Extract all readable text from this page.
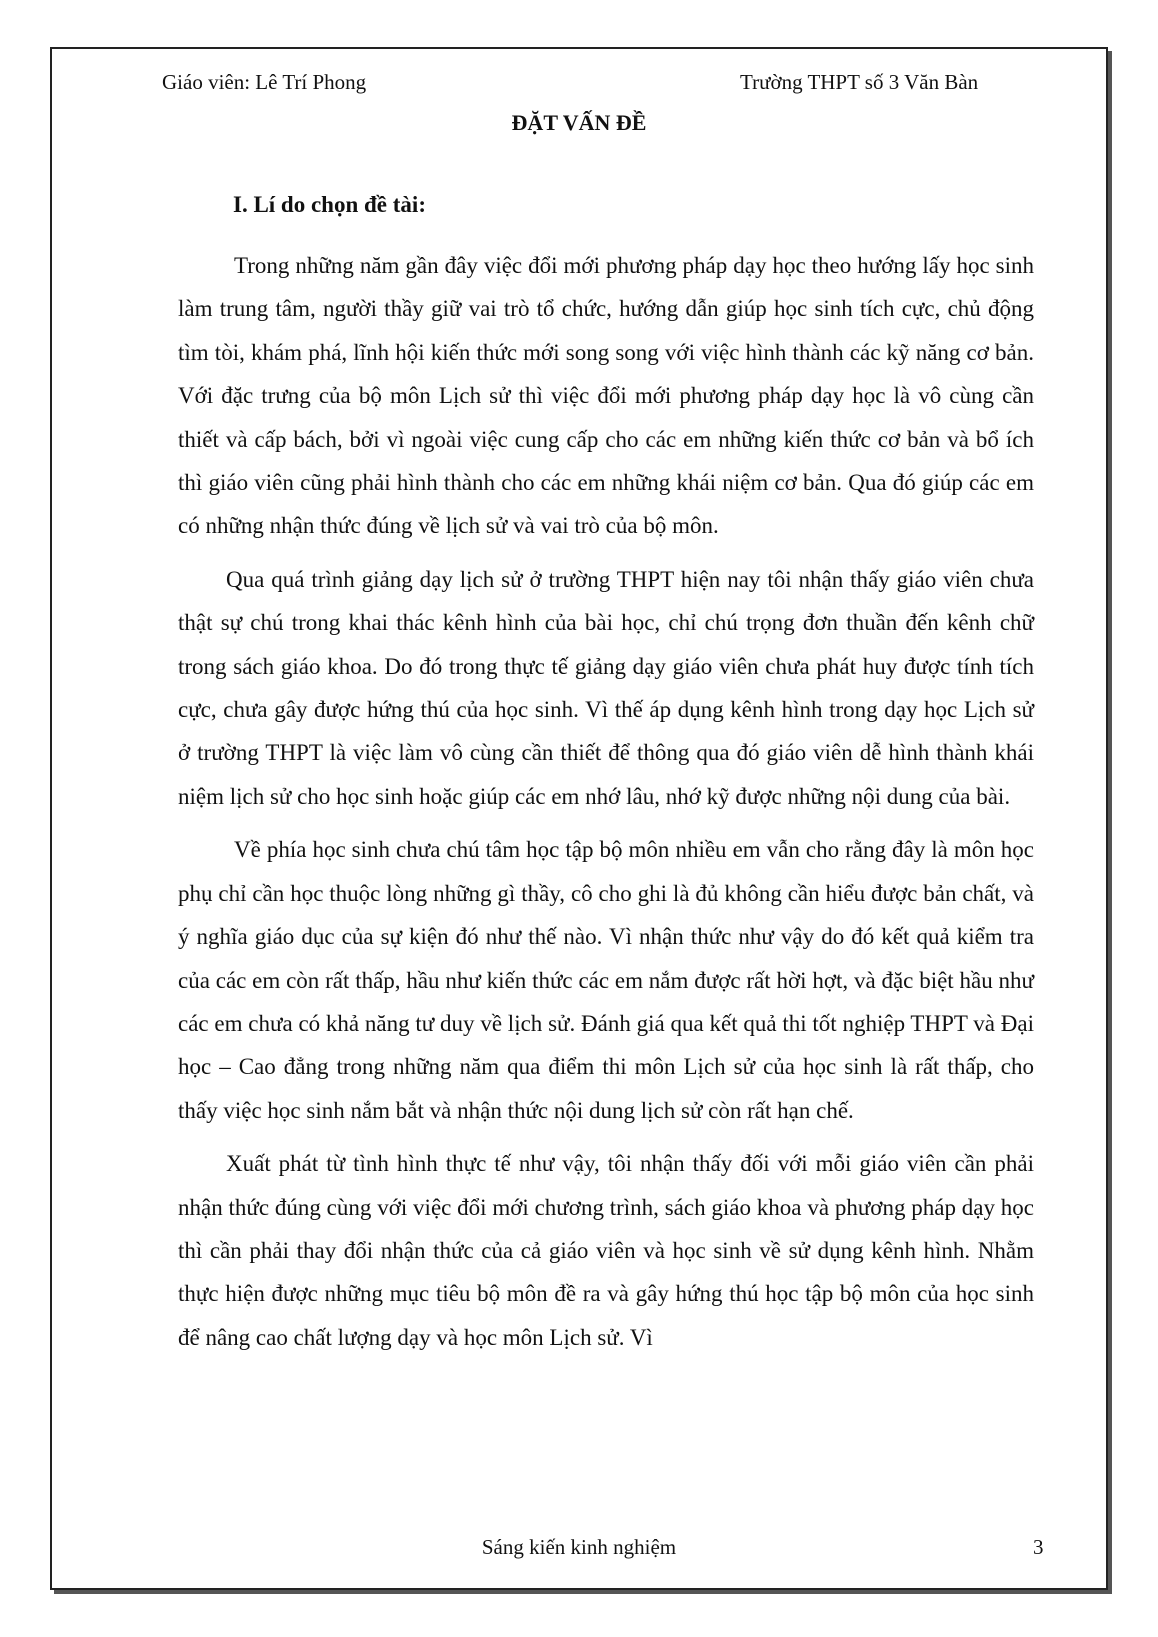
Giáo viên: Lê Trí Phong	Trường THPT số 3 Văn Bàn
ĐẶT VẤN ĐỀ
I. Lí do chọn đề tài:

Trong những năm gần đây việc đổi mới phương pháp dạy học theo hướng lấy học sinh làm trung tâm, người thầy giữ vai trò tổ chức, hướng dẫn giúp học sinh tích cực, chủ động tìm tòi, khám phá, lĩnh hội kiến thức mới song song với việc hình thành các kỹ năng cơ bản. Với đặc trưng của bộ môn Lịch sử thì việc đổi mới phương pháp dạy học là vô cùng cần thiết và cấp bách, bởi vì ngoài việc cung cấp cho các em những kiến thức cơ bản và bổ ích thì giáo viên cũng phải hình thành cho các em những khái niệm cơ bản. Qua đó giúp các em có những nhận thức đúng về lịch sử và vai trò của bộ môn.

Qua quá trình giảng dạy lịch sử ở trường THPT hiện nay tôi nhận thấy giáo viên chưa thật sự chú trong khai thác kênh hình của bài học, chỉ chú trọng đơn thuần đến kênh chữ trong sách giáo khoa. Do đó trong thực tế giảng dạy giáo viên chưa phát huy được tính tích cực, chưa gây được hứng thú của học sinh. Vì thế áp dụng kênh hình trong dạy học Lịch sử ở trường THPT là việc làm vô cùng cần thiết để thông qua đó giáo viên dễ hình thành khái niệm lịch sử cho học sinh hoặc giúp các em nhớ lâu, nhớ kỹ được những nội dung của bài.

Về phía học sinh chưa chú tâm học tập bộ môn nhiều em vẫn cho rằng đây là môn học phụ chỉ cần học thuộc lòng những gì thầy, cô cho ghi là đủ không cần hiểu được bản chất, và ý nghĩa giáo dục của sự kiện đó như thế nào. Vì nhận thức như vậy do đó kết quả kiểm tra của các em còn rất thấp, hầu như kiến thức các em nắm được rất hời hợt, và đặc biệt hầu như các em chưa có khả năng tư duy về lịch sử. Đánh giá qua kết quả thi tốt nghiệp THPT và Đại học – Cao đẳng trong những năm qua điểm thi môn Lịch sử của học sinh là rất thấp, cho thấy việc học sinh nắm bắt và nhận thức nội dung lịch sử còn rất hạn chế.

Xuất phát từ tình hình thực tế như vậy, tôi nhận thấy đối với mỗi giáo viên cần phải nhận thức đúng cùng với việc đổi mới chương trình, sách giáo khoa và phương pháp dạy học thì cần phải thay đổi nhận thức của cả giáo viên và học sinh về sử dụng kênh hình. Nhằm thực hiện được những mục tiêu bộ môn đề ra và gây hứng thú học tập bộ môn của học sinh để nâng cao chất lượng dạy và học môn Lịch sử. Vì

Sáng kiến kinh nghiệm	3
